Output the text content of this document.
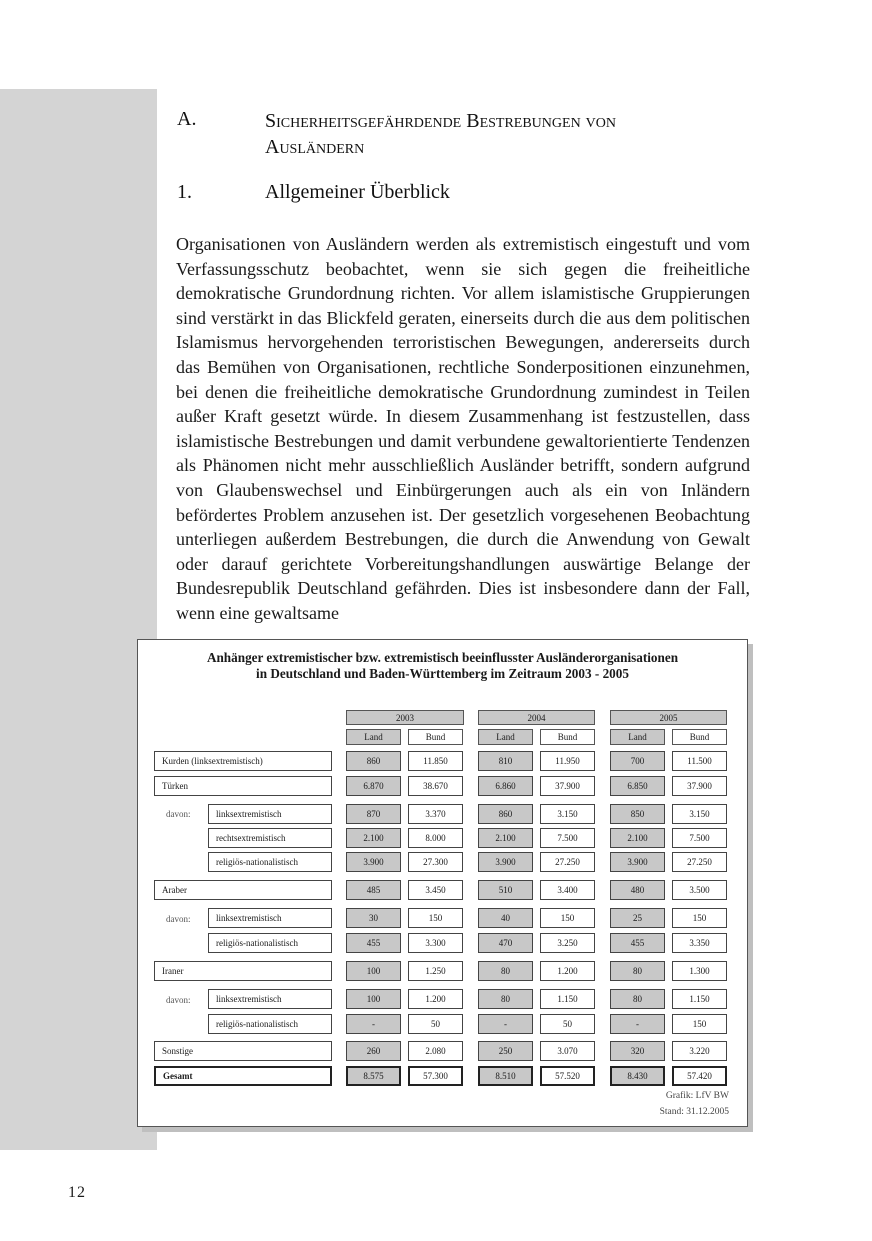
A.	Sicherheitsgefährdende Bestrebungen von
Ausländern
1.	Allgemeiner Überblick
Organisationen von Ausländern werden als extremistisch eingestuft und vom Verfassungsschutz beobachtet, wenn sie sich gegen die freiheitliche demokratische Grundordnung richten. Vor allem islamistische Gruppierungen sind verstärkt in das Blickfeld geraten, einerseits durch die aus dem politischen Islamismus hervorgehenden terroristischen Bewegungen, andererseits durch das Bemühen von Organisationen, rechtliche Sonderpositionen einzunehmen, bei denen die freiheitliche demokratische Grundordnung zumindest in Teilen außer Kraft gesetzt würde. In diesem Zusammenhang ist festzustellen, dass islamistische Bestrebungen und damit verbundene gewaltorientierte Tendenzen als Phänomen nicht mehr ausschließlich Ausländer betrifft, sondern aufgrund von Glaubenswechsel und Einbürgerungen auch als ein von Inländern befördertes Problem anzusehen ist. Der gesetzlich vorgesehenen Beobachtung unterliegen außerdem Bestrebungen, die durch die Anwendung von Gewalt oder darauf gerichtete Vorbereitungshandlungen auswärtige Belange der Bundesrepublik Deutschland gefährden. Dies ist insbesondere dann der Fall, wenn eine gewaltsame
Anhänger extremistischer bzw. extremistisch beeinflusster Ausländerorganisationen
in Deutschland und Baden-Württemberg im Zeitraum 2003 - 2005
2003	2004	2005
Land	Bund	Land	Bund	Land	Bund
davon:
davon:
davon:
Kurden (linksextremistisch)	860	11.850	810	11.950	700	11.500
Türken	6.870	38.670	6.860	37.900	6.850	37.900
linksextremistisch	870	3.370	860	3.150	850	3.150
rechtsextremistisch	2.100	8.000	2.100	7.500	2.100	7.500
religiös-nationalistisch	3.900	27.300	3.900	27.250	3.900	27.250
Araber	485	3.450	510	3.400	480	3.500
linksextremistisch	30	150	40	150	25	150
religiös-nationalistisch	455	3.300	470	3.250	455	3.350
Iraner	100	1.250	80	1.200	80	1.300
linksextremistisch	100	1.200	80	1.150	80	1.150
religiös-nationalistisch	-	50	-	50	-	150
Sonstige	260	2.080	250	3.070	320	3.220
Gesamt	8.575	57.300	8.510	57.520	8.430	57.420
Grafik: LfV BW
Stand: 31.12.2005
12
